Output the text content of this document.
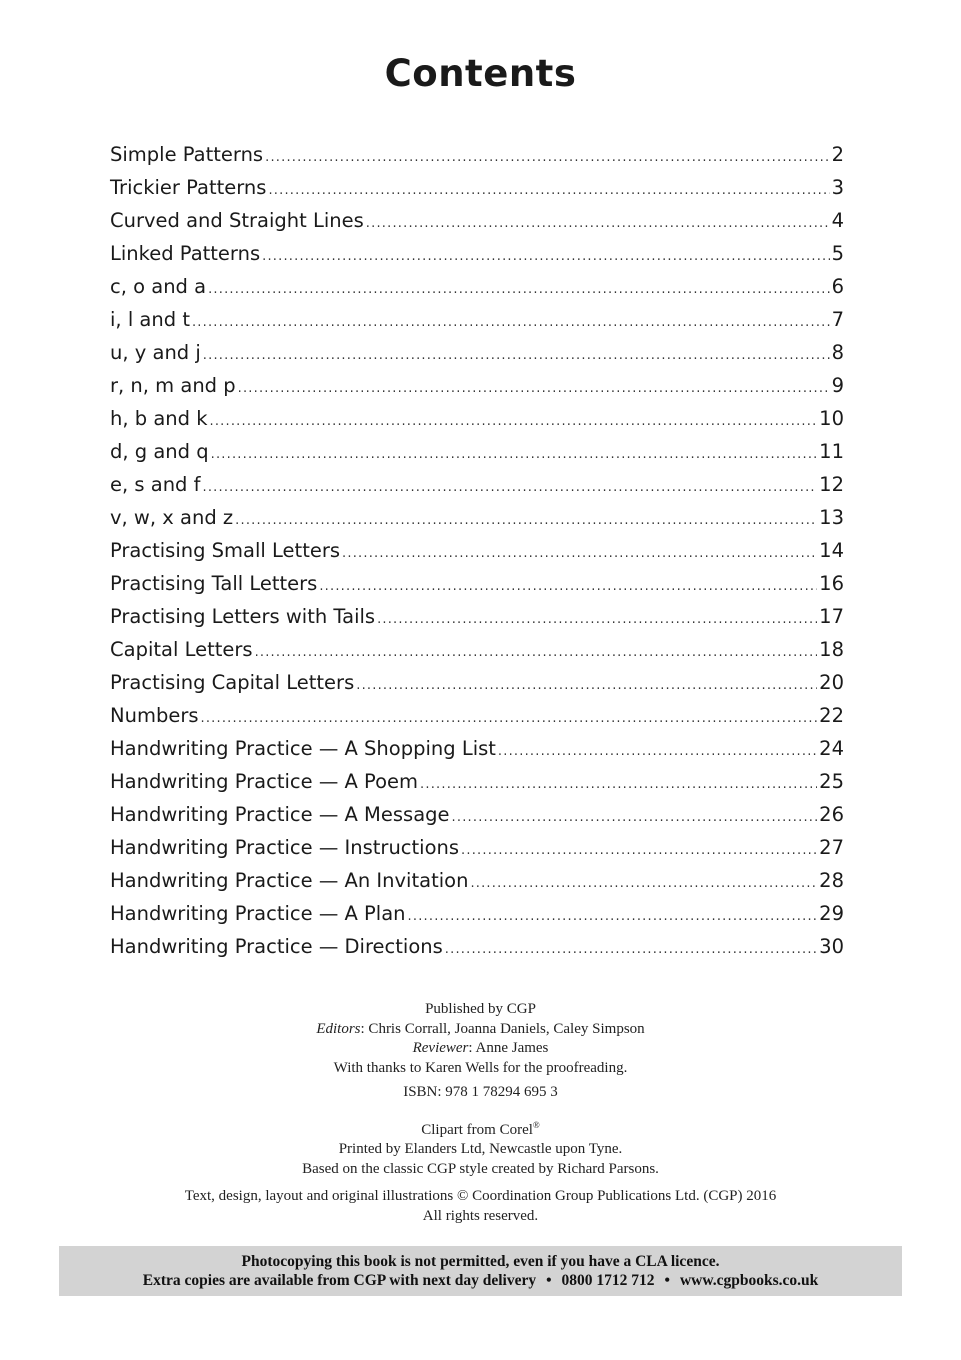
Contents
Simple Patterns .....	2
Trickier Patterns .....	3
Curved and Straight Lines .....	4
Linked Patterns .....	5
c, o and a .....	6
i, l and t .....	7
u, y and j .....	8
r, n, m and p .....	9
h, b and k .....	10
d, g and q .....	11
e, s and f .....	12
v, w, x and z .....	13
Practising Small Letters .....	14
Practising Tall Letters .....	16
Practising Letters with Tails .....	17
Capital Letters .....	18
Practising Capital Letters .....	20
Numbers .....	22
Handwriting Practice — A Shopping List .....	24
Handwriting Practice — A Poem .....	25
Handwriting Practice — A Message .....	26
Handwriting Practice — Instructions .....	27
Handwriting Practice — An Invitation .....	28
Handwriting Practice — A Plan .....	29
Handwriting Practice — Directions .....	30
Published by CGP
Editors: Chris Corrall, Joanna Daniels, Caley Simpson
Reviewer: Anne James
With thanks to Karen Wells for the proofreading.
ISBN: 978 1 78294 695 3
Clipart from Corel®
Printed by Elanders Ltd, Newcastle upon Tyne.
Based on the classic CGP style created by Richard Parsons.
Text, design, layout and original illustrations © Coordination Group Publications Ltd. (CGP) 2016
All rights reserved.
Photocopying this book is not permitted, even if you have a CLA licence.
Extra copies are available from CGP with next day delivery • 0800 1712 712 • www.cgpbooks.co.uk
